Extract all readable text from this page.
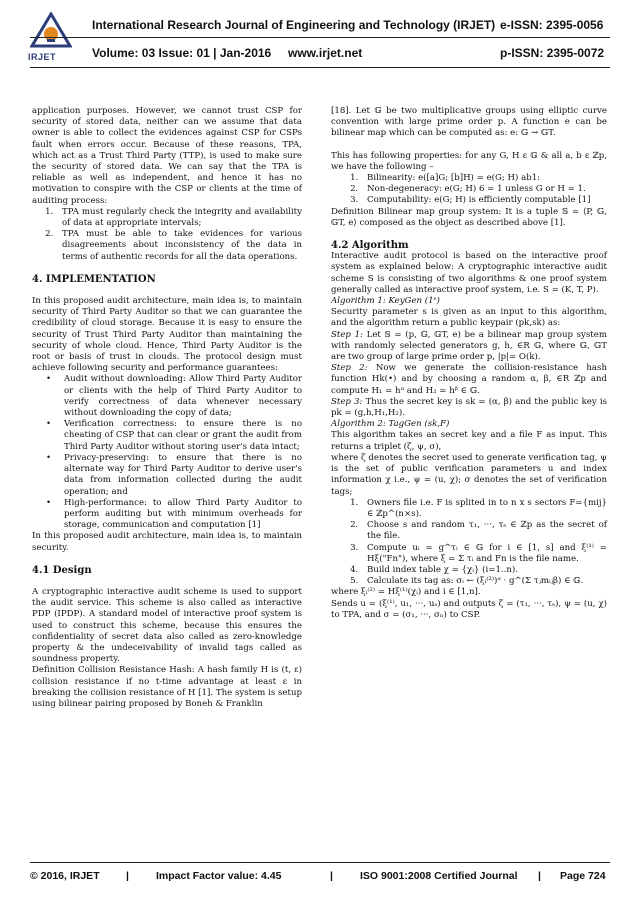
IRJET
International Research Journal of Engineering and Technology (IRJET) e-ISSN: 2395-0056
Volume: 03 Issue: 01 | Jan-2016 www.irjet.net	p-ISSN: 2395-0072

application purposes. However, we cannot trust CSP for security of stored data, neither can we assume that data owner is able to collect the evidences against CSP for CSPs fault when errors occur. Because of these reasons, TPA, which act as a Trust Third Party (TTP), is used to make sure the security of stored data. We can say that the TPA is reliable as well as independent, and hence it has no motivation to conspire with the CSP or clients at the time of auditing process:

1. TPA must regularly check the integrity and availability of data at appropriate intervals;
2. TPA must be able to take evidences for various disagreements about inconsistency of the data in terms of authentic records for all the data operations.

4. IMPLEMENTATION

In this proposed audit architecture, main idea is, to maintain security of Third Party Auditor so that we can guarantee the credibility of cloud storage. Because it is easy to ensure the security of Trust Third Party Auditor than maintaining the security of whole cloud. Hence, Third Party Auditor is the root or basis of trust in clouds. The protocol design must achieve following security and performance guarantees:

• Audit without downloading: Allow Third Party Auditor or clients with the help of Third Party Auditor to verify correctness of data whenever necessary without downloading the copy of data;
• Verification correctness: to ensure there is no cheating of CSP that can clear or grant the audit from Third Party Auditor without storing user's data intact;
• Privacy-preserving: to ensure that there is no alternate way for Third Party Auditor to derive user's data from information collected during the audit operation; and
• High-performance: to allow Third Party Auditor to perform auditing but with minimum overheads for storage, communication and computation [1]

In this proposed audit architecture, main idea is, to maintain security.

4.1 Design

A cryptographic interactive audit scheme is used to support the audit service. This scheme is also called as interactive PDP (IPDP). A standard model of interactive proof system is used to construct this scheme, because this ensures the confidentiality of secret data also called as zero-knowledge property & the undeceivability of invalid tags called as soundness property.

Definition Collision Resistance Hash: A hash family H is (t, ε) collision resistance if no t-time advantage at least ε in breaking the collision resistance of H [1]. The system is setup using bilinear pairing proposed by Boneh & Franklin

[18]. Let 𝔾 be two multiplicative groups using elliptic curve convention with large prime order p. A function e can be bilinear map which can be computed as: e: 𝔾 → 𝔾T.

This has following properties: for any G, H ε 𝔾 & all a, b ε ℤp, we have the following –

1. Bilinearity: e([a]G; [b]H) = e(G; H) ab1:
2. Non-degeneracy: e(G; H) 6 = 1 unless G or H = 1.
3. Computability: e(G; H) is efficiently computable [1]

Definition Bilinear map group system: It is a tuple 𝕊 = ⟨P, 𝔾, 𝔾T, e⟩ composed as the object as described above [1].

4.2 Algorithm

Interactive audit protocol is based on the interactive proof system as explained below: A cryptographic interactive audit scheme S is consisting of two algorithms & one proof system generally called as interactive proof system, i.e. S = (K, T, P).

Algorithm 1: KeyGen (1ˢ)

Security parameter s is given as an input to this algorithm, and the algorithm return a public keypair (pk,sk) as:

Step 1: Let 𝕊 = (p, 𝔾, 𝔾T, e) be a bilinear map group system with randomly selected generators g, h, ∈R 𝔾, where 𝔾, 𝔾T are two group of large prime order p, |p|= O(k).

Step 2: Now we generate the collision-resistance hash function Hk(•) and by choosing a random α, β, ∈R ℤp and compute H₁ = hᵅ and H₂ = hᵝ ∈ 𝔾.

Step 3: Thus the secret key is sk = (α, β) and the public key is pk = (g,h,H₁,H₂).

Algorithm 2: TagGen (sk,F)

This algorithm takes an secret key and a file F as input. This returns a triplet (ζ, ψ, σ),

where ζ denotes the secret used to generate verification tag, ψ is the set of public verification parameters u and index information χ i.e., ψ = (u, χ); σ denotes the set of verification tags;

1. Owners file i.e. F is splited in to n x s sectors F={mij} ∈ ℤp^(n×s).
2. Choose s and random τ₁, ···, τₛ ∈ ℤp as the secret of the file.
3. Compute uᵢ = g^τᵢ ∈ 𝔾 for i ∈ [1, s] and ξ⁽¹⁾ = Hξ("Fn"), where ξ = Σ τᵢ and Fn is the file name.
4. Build index table χ = {χᵢ} (i=1..n).
5. Calculate its tag as: σᵢ ← (ξᵢ⁽²⁾)ᵅ · g^(Σ τⱼmᵢⱼβ) ∈ 𝔾.

where ξᵢ⁽²⁾ = Hξ⁽¹⁾(χᵢ) and i ∈ [1,n].

Sends u = (ξ⁽¹⁾, u₁, ···, uₛ) and outputs ζ = (τ₁, ···, τₛ), ψ = (u, χ) to TPA, and σ = (σ₁, ···, σₙ) to CSP.

© 2016, IRJET	|	Impact Factor value: 4.45	|	ISO 9001:2008 Certified Journal | Page 724
